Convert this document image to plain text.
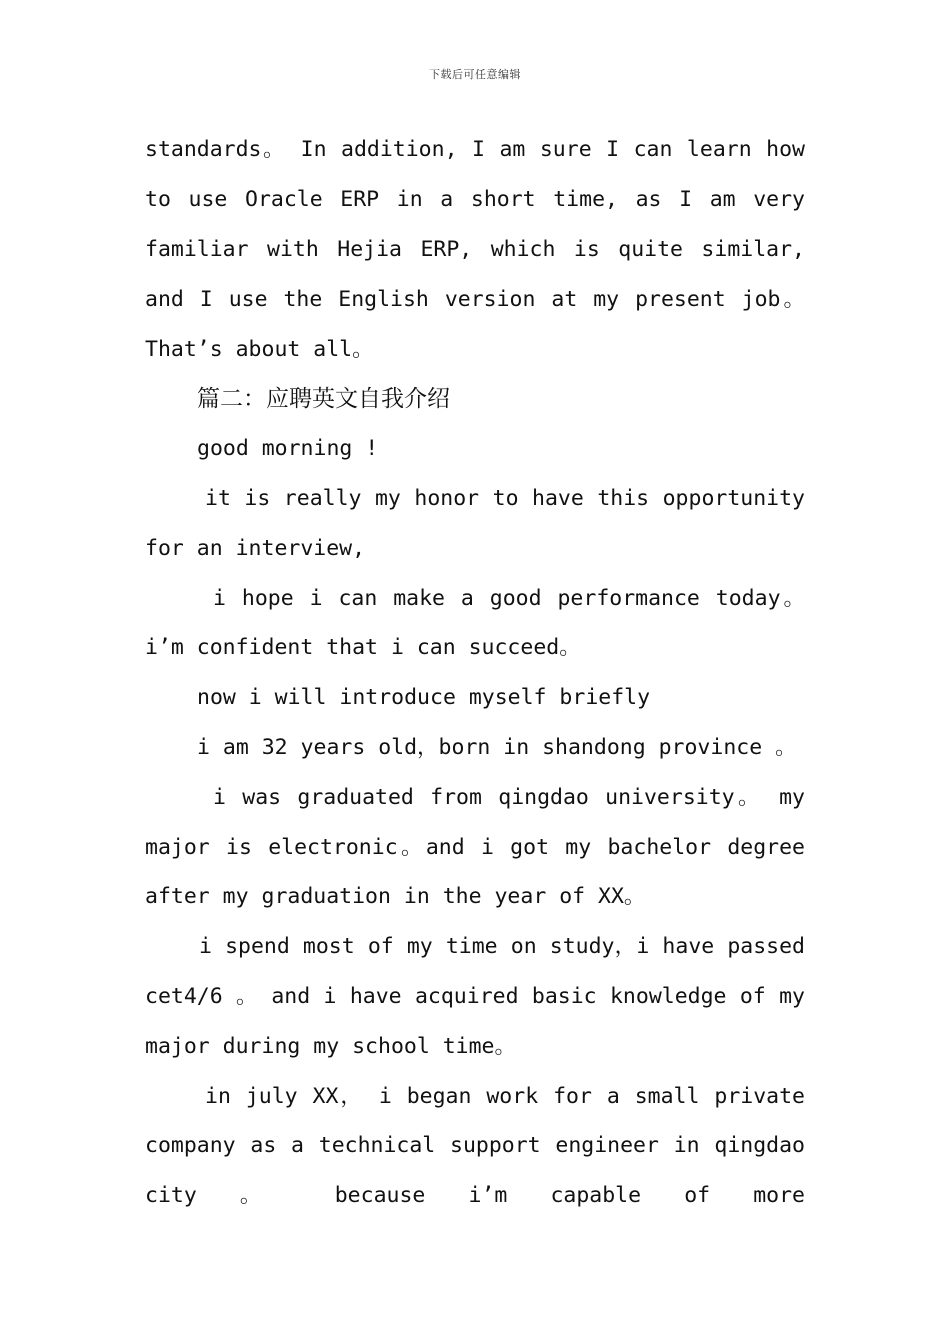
下载后可任意编辑
standards。 In addition, I am sure I can learn how
to use Oracle ERP in a short time, as I am very
familiar with Hejia ERP, which is quite similar,
and I use the English version at my present job。
That’s about all。
篇二：应聘英文自我介绍
good morning !
it is really my honor to have this opportunity
for an interview,
i hope i can make a good performance today。
i’m confident that i can succeed。
now i will introduce myself briefly
i am 32 years old，born in shandong province 。
i was graduated from qingdao university。 my
major is electronic。and i got my bachelor degree
after my graduation in the year of XX。
i spend most of my time on study，i have passed
cet4/6 。 and i have acquired basic knowledge of my
major during my school time。
in july XX， i began work for a small private
company as a technical support engineer in qingdao
city 。 because i’m capable of more
